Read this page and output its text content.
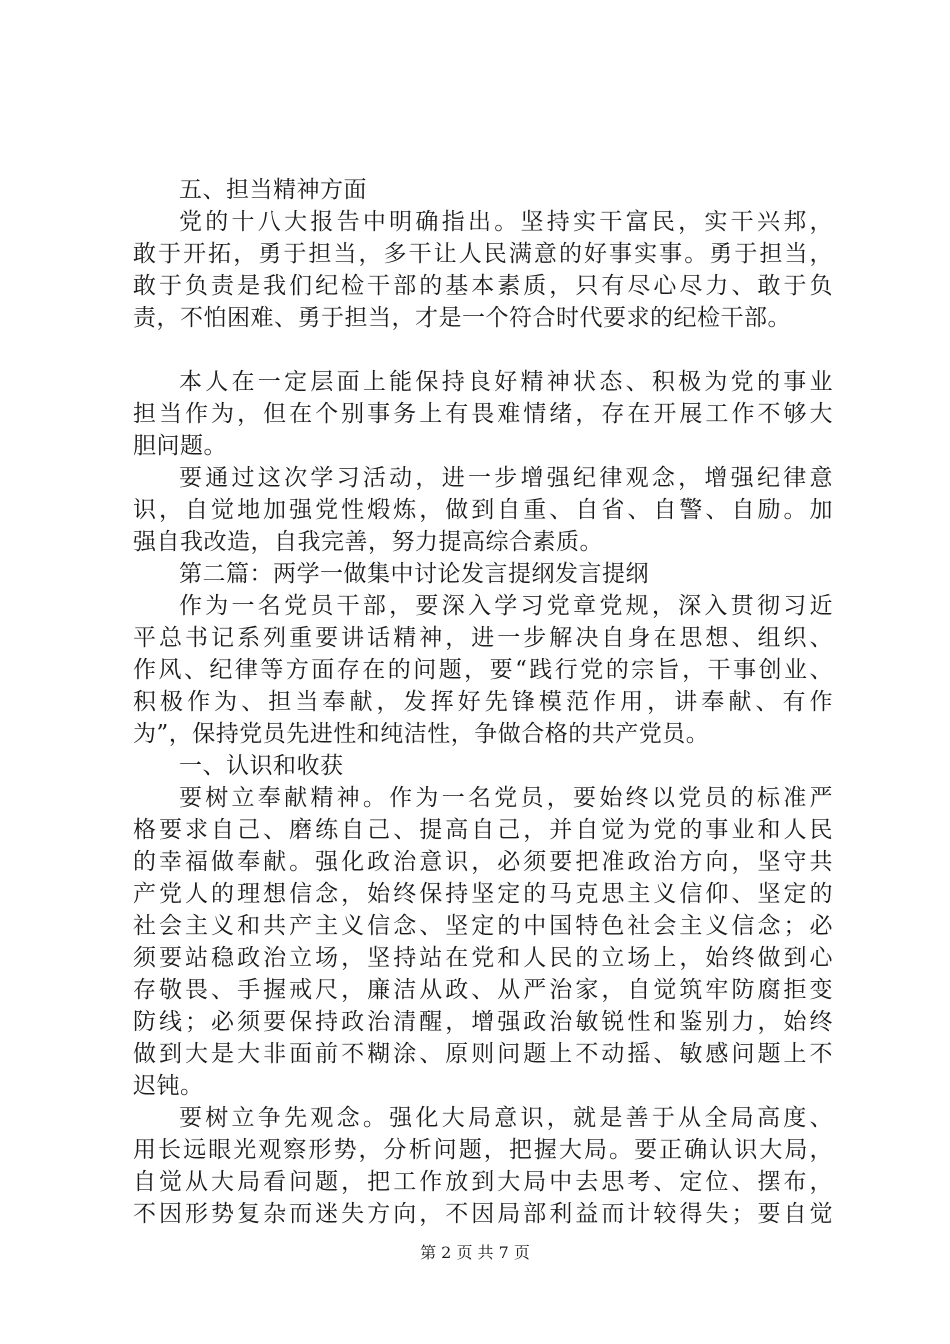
五、担当精神方面
党的十八大报告中明确指出。坚持实干富民，实干兴邦，
敢于开拓，勇于担当，多干让人民满意的好事实事。勇于担当，
敢于负责是我们纪检干部的基本素质，只有尽心尽力、敢于负
责，不怕困难、勇于担当，才是一个符合时代要求的纪检干部。
本人在一定层面上能保持良好精神状态、积极为党的事业
担当作为，但在个别事务上有畏难情绪，存在开展工作不够大
胆问题。
要通过这次学习活动，进一步增强纪律观念，增强纪律意
识，自觉地加强党性煅炼，做到自重、自省、自警、自励。加
强自我改造，自我完善，努力提高综合素质。
第二篇：两学一做集中讨论发言提纲发言提纲
作为一名党员干部，要深入学习党章党规，深入贯彻习近
平总书记系列重要讲话精神，进一步解决自身在思想、组织、
作风、纪律等方面存在的问题，要“践行党的宗旨，干事创业、
积极作为、担当奉献，发挥好先锋模范作用，讲奉献、有作
为”，保持党员先进性和纯洁性，争做合格的共产党员。
一、认识和收获
要树立奉献精神。作为一名党员，要始终以党员的标准严
格要求自己、磨练自己、提高自己，并自觉为党的事业和人民
的幸福做奉献。强化政治意识，必须要把准政治方向，坚守共
产党人的理想信念，始终保持坚定的马克思主义信仰、坚定的
社会主义和共产主义信念、坚定的中国特色社会主义信念；必
须要站稳政治立场，坚持站在党和人民的立场上，始终做到心
存敬畏、手握戒尺，廉洁从政、从严治家，自觉筑牢防腐拒变
防线；必须要保持政治清醒，增强政治敏锐性和鉴别力，始终
做到大是大非面前不糊涂、原则问题上不动摇、敏感问题上不
迟钝。
要树立争先观念。强化大局意识，就是善于从全局高度、
用长远眼光观察形势，分析问题，把握大局。要正确认识大局，
自觉从大局看问题，把工作放到大局中去思考、定位、摆布，
不因形势复杂而迷失方向，不因局部利益而计较得失；要自觉
第 2 页 共 7 页
